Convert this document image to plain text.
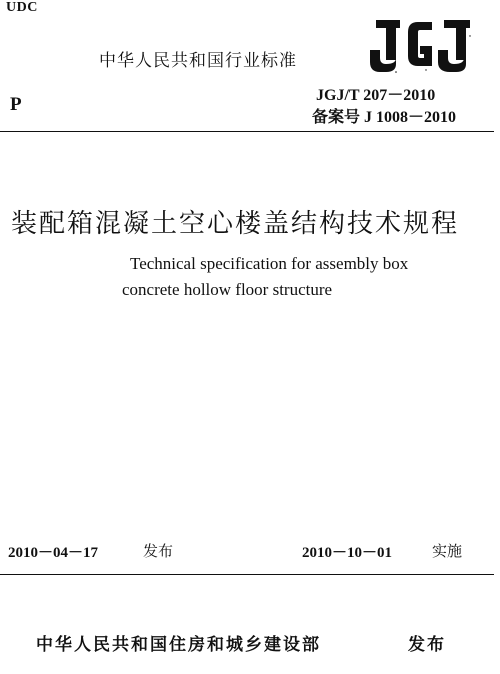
UDC
中华人民共和国行业标准
P	JGJ/T 207－2010
备案号 J 1008－2010
装配箱混凝土空心楼盖结构技术规程
Technical specification for assembly box
concrete hollow floor structure
2010－04－17	发布	2010－10－01	实施
中华人民共和国住房和城乡建设部	发布
